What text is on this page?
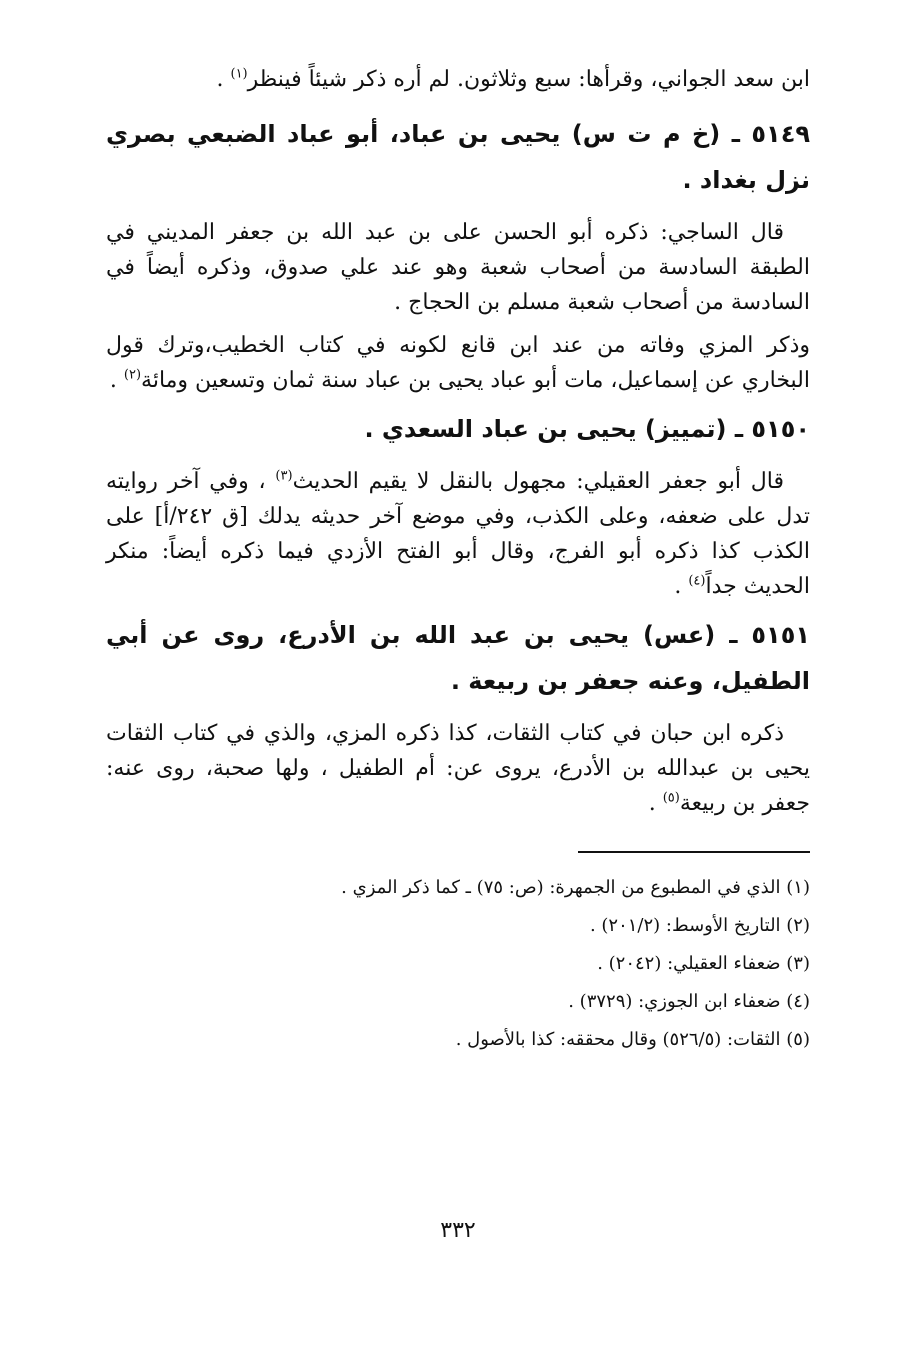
ابن سعد الجواني، وقرأها: سبع وثلاثون. لم أره ذكر شيئاً فينظر$^{(١)}$ .

٥١٤٩ ـ (خ م ت س) يحيى بن عباد، أبو عباد الضبعي بصري نزل بغداد .

قال الساجي: ذكره أبو الحسن على بن عبد الله بن جعفر المديني في الطبقة السادسة من أصحاب شعبة وهو عند علي صدوق، وذكره أيضاً في السادسة من أصحاب شعبة مسلم بن الحجاج .

وذكر المزي وفاته من عند ابن قانع لكونه في كتاب الخطيب،وترك قول البخاري عن إسماعيل، مات أبو عباد يحيى بن عباد سنة ثمان وتسعين ومائة$^{(٢)}$ .

٥١٥٠ ـ (تمييز) يحيى بن عباد السعدي .

قال أبو جعفر العقيلي: مجهول بالنقل لا يقيم الحديث$^{(٣)}$ ، وفي آخر روايته تدل على ضعفه، وعلى الكذب، وفي موضع آخر حديثه يدلك [ق ٢٤٢/أ] على الكذب كذا ذكره أبو الفرج، وقال أبو الفتح الأزدي فيما ذكره أيضاً: منكر الحديث جداً$^{(٤)}$ .

٥١٥١ ـ (عس) يحيى بن عبد الله بن الأدرع، روى عن أبي الطفيل، وعنه جعفر بن ربيعة .

ذكره ابن حبان في كتاب الثقات، كذا ذكره المزي، والذي في كتاب الثقات يحيى بن عبدالله بن الأدرع، يروى عن: أم الطفيل ، ولها صحبة، روى عنه: جعفر بن ربيعة$^{(٥)}$ .

(١) الذي في المطبوع من الجمهرة: (ص: ٧٥) ـ كما ذكر المزي .
(٢) التاريخ الأوسط: (٢٠١/٢) .
(٣) ضعفاء العقيلي: (٢٠٤٢) .
(٤) ضعفاء ابن الجوزي: (٣٧٢٩) .
(٥) الثقات: (٥٢٦/٥) وقال محققه: كذا بالأصول .
٣٣٢
